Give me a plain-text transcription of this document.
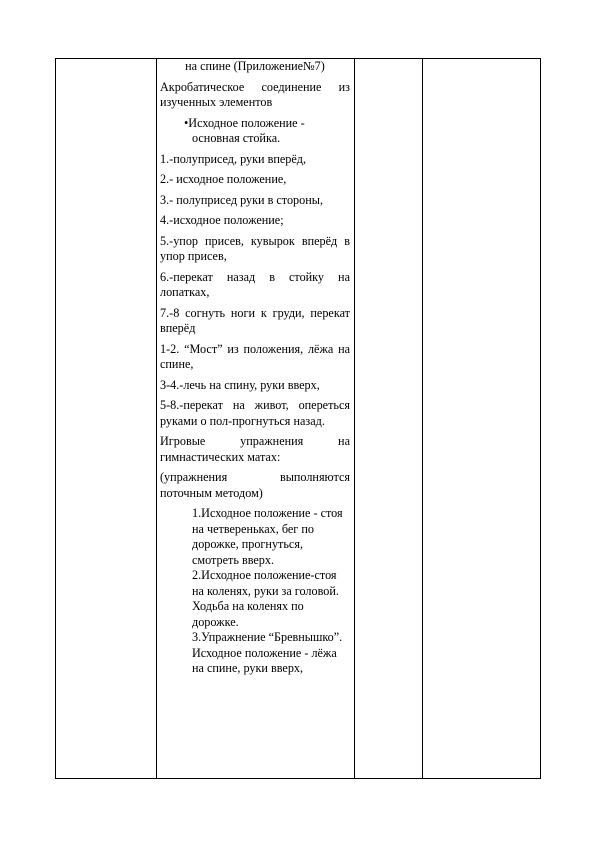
на спине (Приложение№7)

Акробатическое соединение из изученных элементов

•Исходное положение - основная стойка.

1.-полуприсед, руки вперёд,

2.- исходное положение,

3.- полуприсед руки в стороны,

4.-исходное положение;

5.-упор присев, кувырок вперёд в упор присев,

6.-перекат назад в стойку на лопатках,

7.-8 согнуть ноги к груди, перекат вперёд

1-2. “Мост” из положения, лёжа на спине,

3-4.-лечь на спину, руки вверх,

5-8.-перекат на живот, опереться руками о пол-прогнуться назад.

Игровые упражнения на гимнастических матах:

(упражнения выполняются поточным методом)

1.Исходное положение - стоя на четвереньках, бег по дорожке, прогнуться, смотреть вверх.

2.Исходное положение-стоя на коленях, руки за головой. Ходьба на коленях по дорожке.

3.Упражнение “Бревнышко”. Исходное положение - лёжа на спине, руки вверх,
